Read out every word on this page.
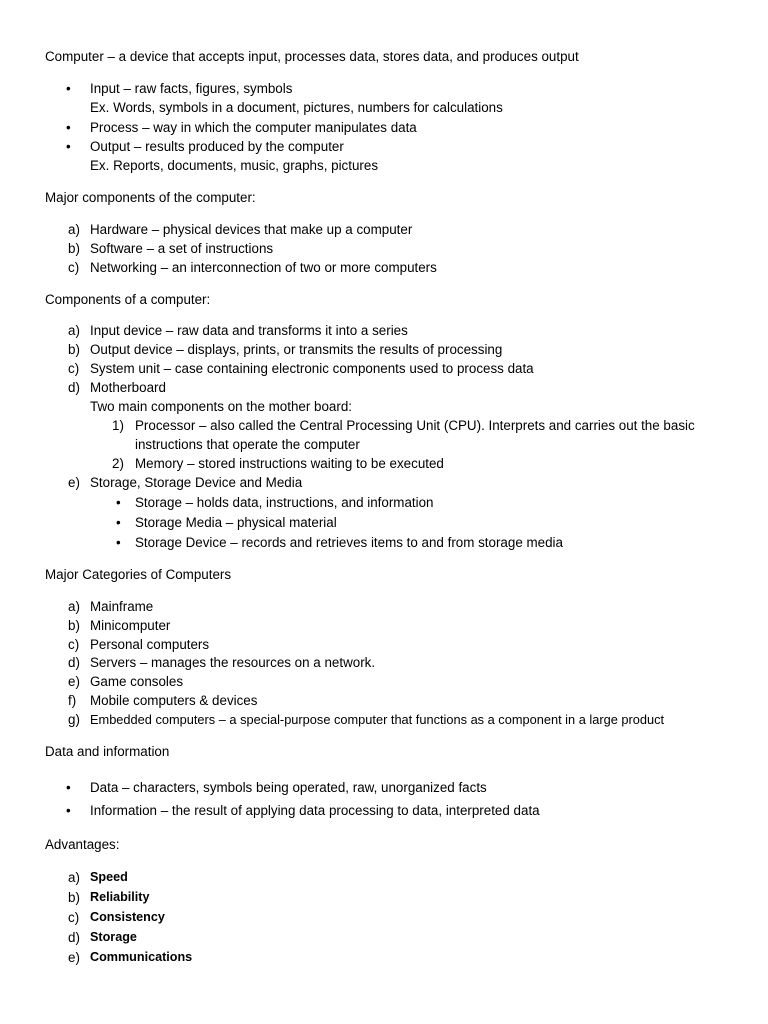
Computer – a device that accepts input, processes data, stores data, and produces output
• Input – raw facts, figures, symbols
Ex. Words, symbols in a document, pictures, numbers for calculations
• Process – way in which the computer manipulates data
• Output – results produced by the computer
Ex. Reports, documents, music, graphs, pictures
Major components of the computer:
a) Hardware – physical devices that make up a computer
b) Software – a set of instructions
c) Networking – an interconnection of two or more computers
Components of a computer:
a) Input device – raw data and transforms it into a series
b) Output device – displays, prints, or transmits the results of processing
c) System unit – case containing electronic components used to process data
d) Motherboard
Two main components on the mother board:
1) Processor – also called the Central Processing Unit (CPU). Interprets and carries out the basic
instructions that operate the computer
2) Memory – stored instructions waiting to be executed
e) Storage, Storage Device and Media
• Storage – holds data, instructions, and information
• Storage Media – physical material
• Storage Device – records and retrieves items to and from storage media
Major Categories of Computers
a) Mainframe
b) Minicomputer
c) Personal computers
d) Servers – manages the resources on a network.
e) Game consoles
f) Mobile computers & devices
g) Embedded computers – a special-purpose computer that functions as a component in a large product
Data and information
• Data – characters, symbols being operated, raw, unorganized facts
• Information – the result of applying data processing to data, interpreted data
Advantages:
a) Speed
b) Reliability
c) Consistency
d) Storage
e) Communications
